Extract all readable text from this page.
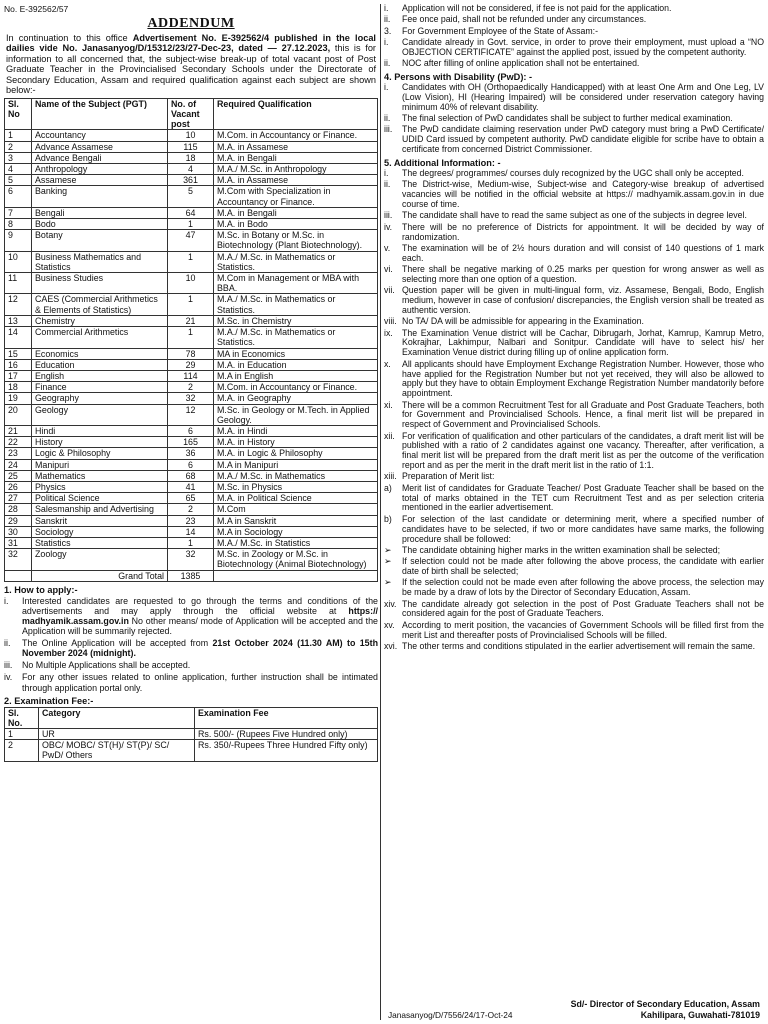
No. E-392562/57
ADDENDUM
In continuation to this office Advertisement No. E-392562/4 published in the local dailies vide No. Janasanyog/D/15312/23/27-Dec-23, dated — 27.12.2023, this is for information to all concerned that, the subject-wise break-up of total vacant post of Post Graduate Teacher in the Provincialised Secondary Schools under the Directorate of Secondary Education, Assam and required qualification against each subject are shown below:-
Sl. No	Name of the Subject (PGT)	No. of Vacant post	Required Qualification
1	Accountancy	10	M.Com. in Accountancy or Finance.
2	Advance Assamese	115	M.A. in Assamese
3	Advance Bengali	18	M.A. in Bengali
4	Anthropology	4	M.A./ M.Sc. in Anthropology
5	Assamese	361	M.A. in Assamese
6	Banking	5	M.Com with Specialization in Accountancy or Finance.
7	Bengali	64	M.A. in Bengali
8	Bodo	1	M.A. in Bodo
9	Botany	47	M.Sc. in Botany or M.Sc. in Biotechnology (Plant Biotechnology).
10	Business Mathematics and Statistics	1	M.A./ M.Sc. in Mathematics or Statistics.
11	Business Studies	10	M.Com in Management or MBA with BBA.
12	CAES (Commercial Arithmetics & Elements of Statistics)	1	M.A./ M.Sc. in Mathematics or Statistics.
13	Chemistry	21	M.Sc. in Chemistry
14	Commercial Arithmetics	1	M.A./ M.Sc. in Mathematics or Statistics.
15	Economics	78	MA in Economics
16	Education	29	M.A. in Education
17	English	114	M.A in English
18	Finance	2	M.Com. in Accountancy or Finance.
19	Geography	32	M.A. in Geography
20	Geology	12	M.Sc. in Geology or M.Tech. in Applied Geology.
21	Hindi	6	M.A. in Hindi
22	History	165	M.A. in History
23	Logic & Philosophy	36	M.A. in Logic & Philosophy
24	Manipuri	6	M.A in Manipuri
25	Mathematics	68	M.A./ M.Sc. in Mathematics
26	Physics	41	M.Sc. in Physics
27	Political Science	65	M.A. in Political Science
28	Salesmanship and Advertising	2	M.Com
29	Sanskrit	23	M.A in Sanskrit
30	Sociology	14	M.A in Sociology
31	Statistics	1	M.A./ M.Sc. in Statistics
32	Zoology	32	M.Sc. in Zoology or M.Sc. in Biotechnology (Animal Biotechnology)
	Grand Total	1385	
1. How to apply:-
i.	Interested candidates are requested to go through the terms and conditions of the advertisements and may apply through the official website at https:// madhyamik.assam.gov.in No other means/ mode of Application will be accepted and the Application will be summarily rejected.
ii.	The Online Application will be accepted from 21st October 2024 (11.30 AM) to 15th November 2024 (midnight).
iii.	No Multiple Applications shall be accepted.
iv.	For any other issues related to online application, further instruction shall be intimated through application portal only.
2. Examination Fee:-
Sl. No.	Category	Examination Fee
1	UR	Rs. 500/- (Rupees Five Hundred only)
2	OBC/ MOBC/ ST(H)/ ST(P)/ SC/ PwD/ Others	Rs. 350/-Rupees Three Hundred Fifty only)
i.	Application will not be considered, if fee is not paid for the application.
ii.	Fee once paid, shall not be refunded under any circumstances.
3.	For Government Employee of the State of Assam:-
i.	Candidate already in Govt. service, in order to prove their employment, must upload a “NO OBJECTION CERTIFICATE” against the applied post, issued by the competent authority.
ii.	NOC after filling of online application shall not be entertained.
4. Persons with Disability (PwD): -
i.	Candidates with OH (Orthopaedically Handicapped) with at least One Arm and One Leg, LV (Low Vision), HI (Hearing Impaired) will be considered under reservation category having minimum 40% of relevant disability.
ii.	The final selection of PwD candidates shall be subject to further medical examination.
iii.	The PwD candidate claiming reservation under PwD category must bring a PwD Certificate/ UDID Card issued by competent authority. PwD candidate eligible for scribe have to obtain a certificate from concerned District Commissioner.
5. Additional Information: -
i.	The degrees/ programmes/ courses duly recognized by the UGC shall only be accepted.
ii.	The District-wise, Medium-wise, Subject-wise and Category-wise breakup of advertised vacancies will be notified in the official website at https:// madhyamik.assam.gov.in in due course of time.
iii.	The candidate shall have to read the same subject as one of the subjects in degree level.
iv.	There will be no preference of Districts for appointment. It will be decided by way of randomization.
v.	The examination will be of 2½ hours duration and will consist of 140 questions of 1 mark each.
vi.	There shall be negative marking of 0.25 marks per question for wrong answer as well as selecting more than one option of a question.
vii. Question paper will be given in multi-lingual form, viz. Assamese, Bengali, Bodo, English medium, however in case of confusion/ discrepancies, the English version shall be treated as authentic version.
viii. No TA/ DA will be admissible for appearing in the Examination.
ix.	The Examination Venue district will be Cachar, Dibrugarh, Jorhat, Kamrup, Kamrup Metro, Kokrajhar, Lakhimpur, Nalbari and Sonitpur. Candidate will have to select his/ her Examination Venue district during filling up of online application form.
x.	All applicants should have Employment Exchange Registration Number. However, those who have applied for the Registration Number but not yet received, they will also be allowed to apply but they have to obtain Employment Exchange Registration Number mandatorily before appointment.
xi.	There will be a common Recruitment Test for all Graduate and Post Graduate Teachers, both for Government and Provincialised Schools. Hence, a final merit list will be prepared in respect of Government and Provincialised Schools.
xii. For verification of qualification and other particulars of the candidates, a draft merit list will be published with a ratio of 2 candidates against one vacancy. Thereafter, after verification, a final merit list will be prepared from the draft merit list as per the outcome of the verification report and as per the merit in the draft merit list in the ratio of 1:1.
xiii. Preparation of Merit list:
a)	Merit list of candidates for Graduate Teacher/ Post Graduate Teacher shall be based on the total of marks obtained in the TET cum Recruitment Test and as per selection criteria mentioned in the earlier advertisement.
b)	For selection of the last candidate or determining merit, where a specified number of candidates have to be selected, if two or more candidates have same marks, the following procedure shall be followed:
➢	The candidate obtaining higher marks in the written examination shall be selected;
➢	If selection could not be made after following the above process, the candidate with earlier date of birth shall be selected;
➢	If the selection could not be made even after following the above process, the selection may be made by a draw of lots by the Director of Secondary Education, Assam.
xiv. The candidate already got selection in the post of Post Graduate Teachers shall not be considered again for the post of Graduate Teachers.
xv. According to merit position, the vacancies of Government Schools will be filled first from the merit List and thereafter posts of Provincialised Schools will be filled.
xvi. The other terms and conditions stipulated in the earlier advertisement will remain the same.
Sd/- Director of Secondary Education, Assam
Kahilipara, Guwahati-781019
Janasanyog/D/7556/24/17-Oct-24
